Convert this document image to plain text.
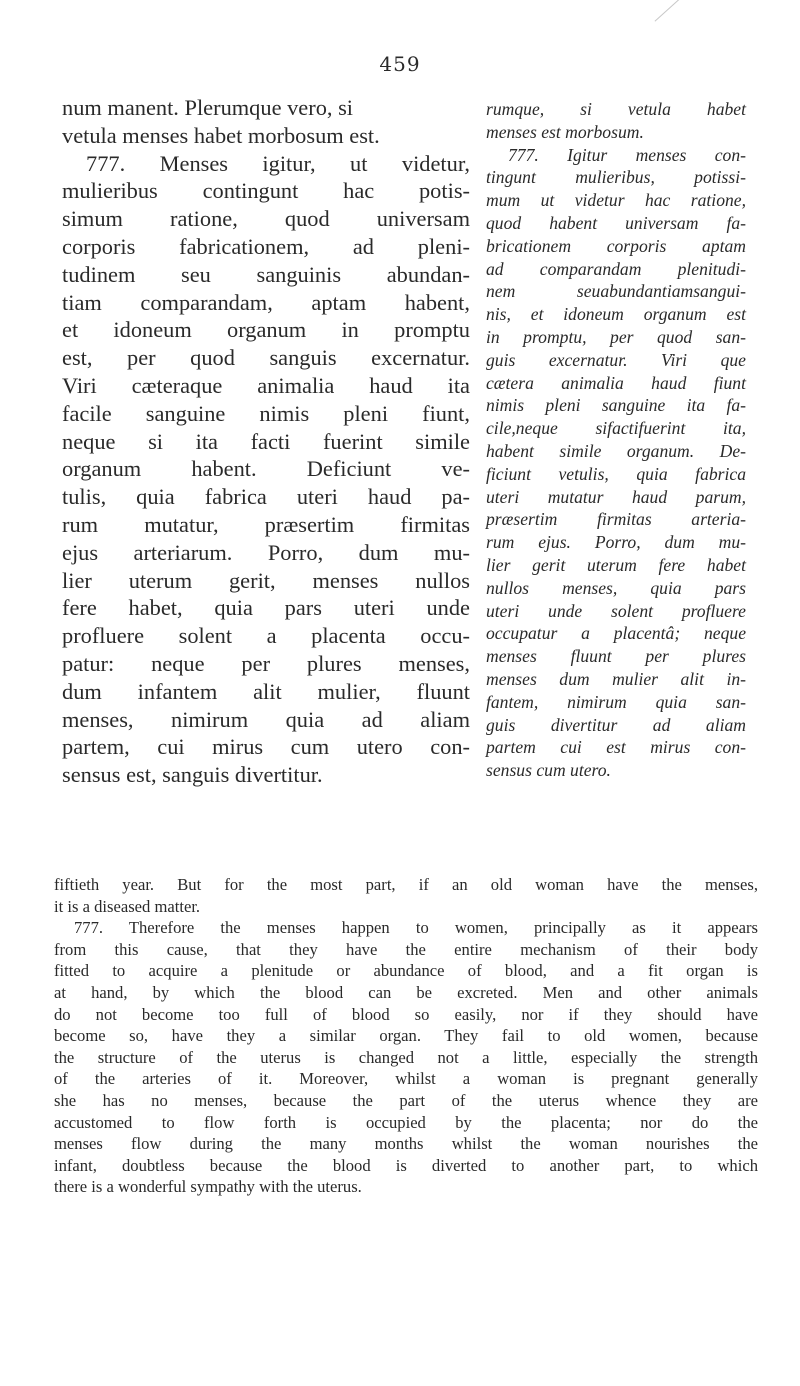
459
num manent. Plerumque vero, si
vetula menses habet morbosum est.
777. Menses igitur, ut videtur,
mulieribus contingunt hac potis-
simum ratione, quod universam
corporis fabricationem, ad pleni-
tudinem seu sanguinis abundan-
tiam comparandam, aptam habent,
et idoneum organum in promptu
est, per quod sanguis excernatur.
Viri cæteraque animalia haud ita
facile sanguine nimis pleni fiunt,
neque si ita facti fuerint simile
organum habent. Deficiunt ve-
tulis, quia fabrica uteri haud pa-
rum mutatur, præsertim firmitas
ejus arteriarum. Porro, dum mu-
lier uterum gerit, menses nullos
fere habet, quia pars uteri unde
profluere solent a placenta occu-
patur: neque per plures menses,
dum infantem alit mulier, fluunt
menses, nimirum quia ad aliam
partem, cui mirus cum utero con-
sensus est, sanguis divertitur.
rumque, si vetula habet
menses est morbosum.
777. Igitur menses con-
tingunt mulieribus, potissi-
mum ut videtur hac ratione,
quod habent universam fa-
bricationem corporis aptam
ad comparandam plenitudi-
nem seuabundantiamsangui-
nis, et idoneum organum est
in promptu, per quod san-
guis excernatur. Viri que
cætera animalia haud fiunt
nimis pleni sanguine ita fa-
cile,neque sifactifuerint ita,
habent simile organum. De-
ficiunt vetulis, quia fabrica
uteri mutatur haud parum,
præsertim firmitas arteria-
rum ejus. Porro, dum mu-
lier gerit uterum fere habet
nullos menses, quia pars
uteri unde solent profluere
occupatur a placentâ; neque
menses fluunt per plures
menses dum mulier alit in-
fantem, nimirum quia san-
guis divertitur ad aliam
partem cui est mirus con-
sensus cum utero.
fiftieth year. But for the most part, if an old woman have the menses,
it is a diseased matter.
777. Therefore the menses happen to women, principally as it appears
from this cause, that they have the entire mechanism of their body
fitted to acquire a plenitude or abundance of blood, and a fit organ is
at hand, by which the blood can be excreted. Men and other animals
do not become too full of blood so easily, nor if they should have
become so, have they a similar organ. They fail to old women, because
the structure of the uterus is changed not a little, especially the strength
of the arteries of it. Moreover, whilst a woman is pregnant generally
she has no menses, because the part of the uterus whence they are
accustomed to flow forth is occupied by the placenta; nor do the
menses flow during the many months whilst the woman nourishes the
infant, doubtless because the blood is diverted to another part, to which
there is a wonderful sympathy with the uterus.
